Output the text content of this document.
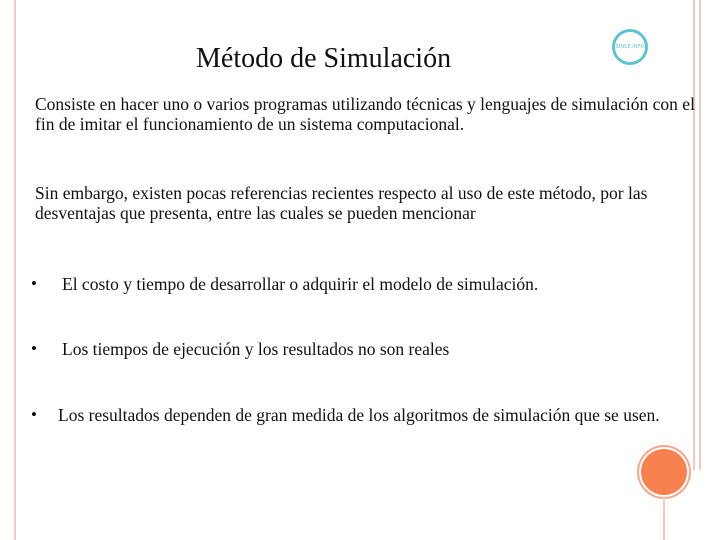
SINCE.INFO
Método de Simulación
Consiste en hacer uno o varios programas utilizando técnicas y lenguajes de simulación con el fin de imitar el funcionamiento de un sistema computacional.
Sin embargo, existen pocas referencias recientes respecto al uso de este método, por las desventajas que presenta, entre las cuales se pueden mencionar
• El costo y tiempo de desarrollar o adquirir el modelo de simulación.
• Los tiempos de ejecución y los resultados no son reales
• Los resultados dependen de gran medida de los algoritmos de simulación que se usen.
